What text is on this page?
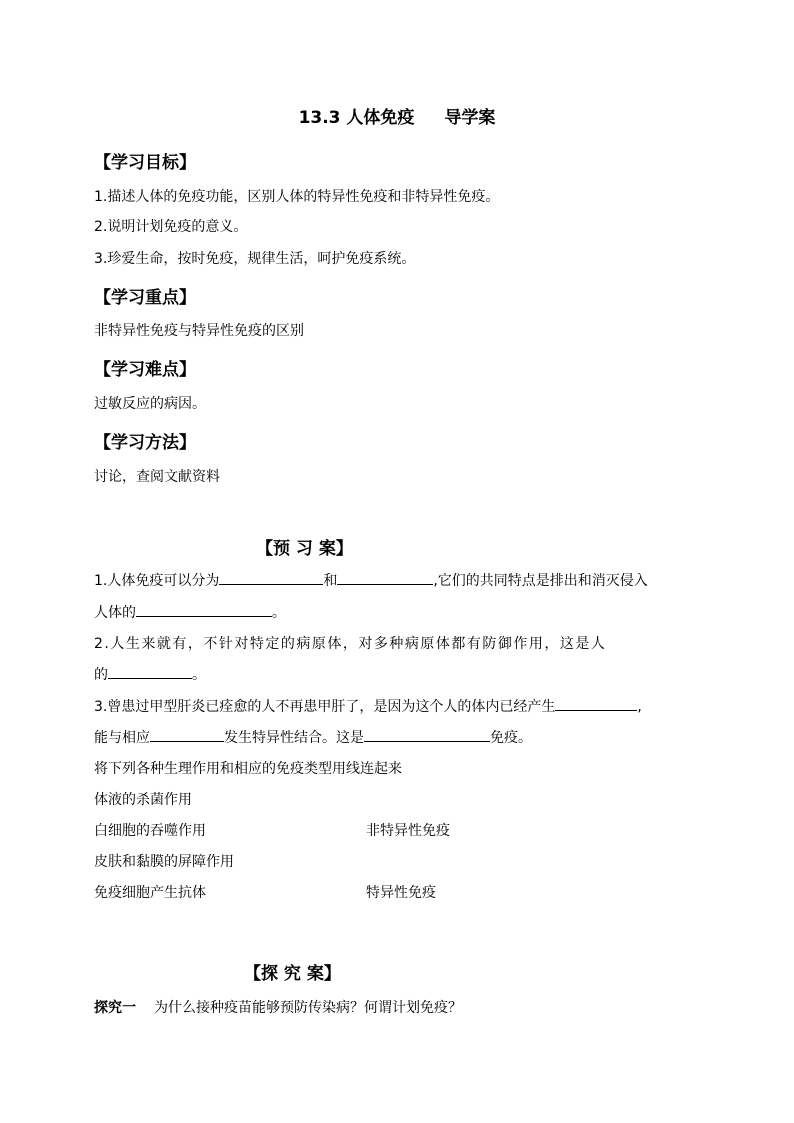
13.3 人体免疫 导学案
【学习目标】
1.描述人体的免疫功能，区别人体的特异性免疫和非特异性免疫。
2.说明计划免疫的意义。
3.珍爱生命，按时免疫，规律生活，呵护免疫系统。
【学习重点】
非特异性免疫与特异性免疫的区别
【学习难点】
过敏反应的病因。
【学习方法】
讨论，查阅文献资料
【预 习 案】
1.人体免疫可以分为	和	,它们的共同特点是排出和消灭侵入
人体的	。
2.人生来就有，不针对特定的病原体，对多种病原体都有防御作用，这是人
的	。
3.曾患过甲型肝炎已痊愈的人不再患甲肝了，是因为这个人的体内已经产生	,
能与相应	发生特异性结合。这是	免疫。
将下列各种生理作用和相应的免疫类型用线连起来
体液的杀菌作用
白细胞的吞噬作用
皮肤和黏膜的屏障作用
免疫细胞产生抗体
非特异性免疫
特异性免疫
【探 究 案】
探究一 为什么接种疫苗能够预防传染病？何谓计划免疫？
